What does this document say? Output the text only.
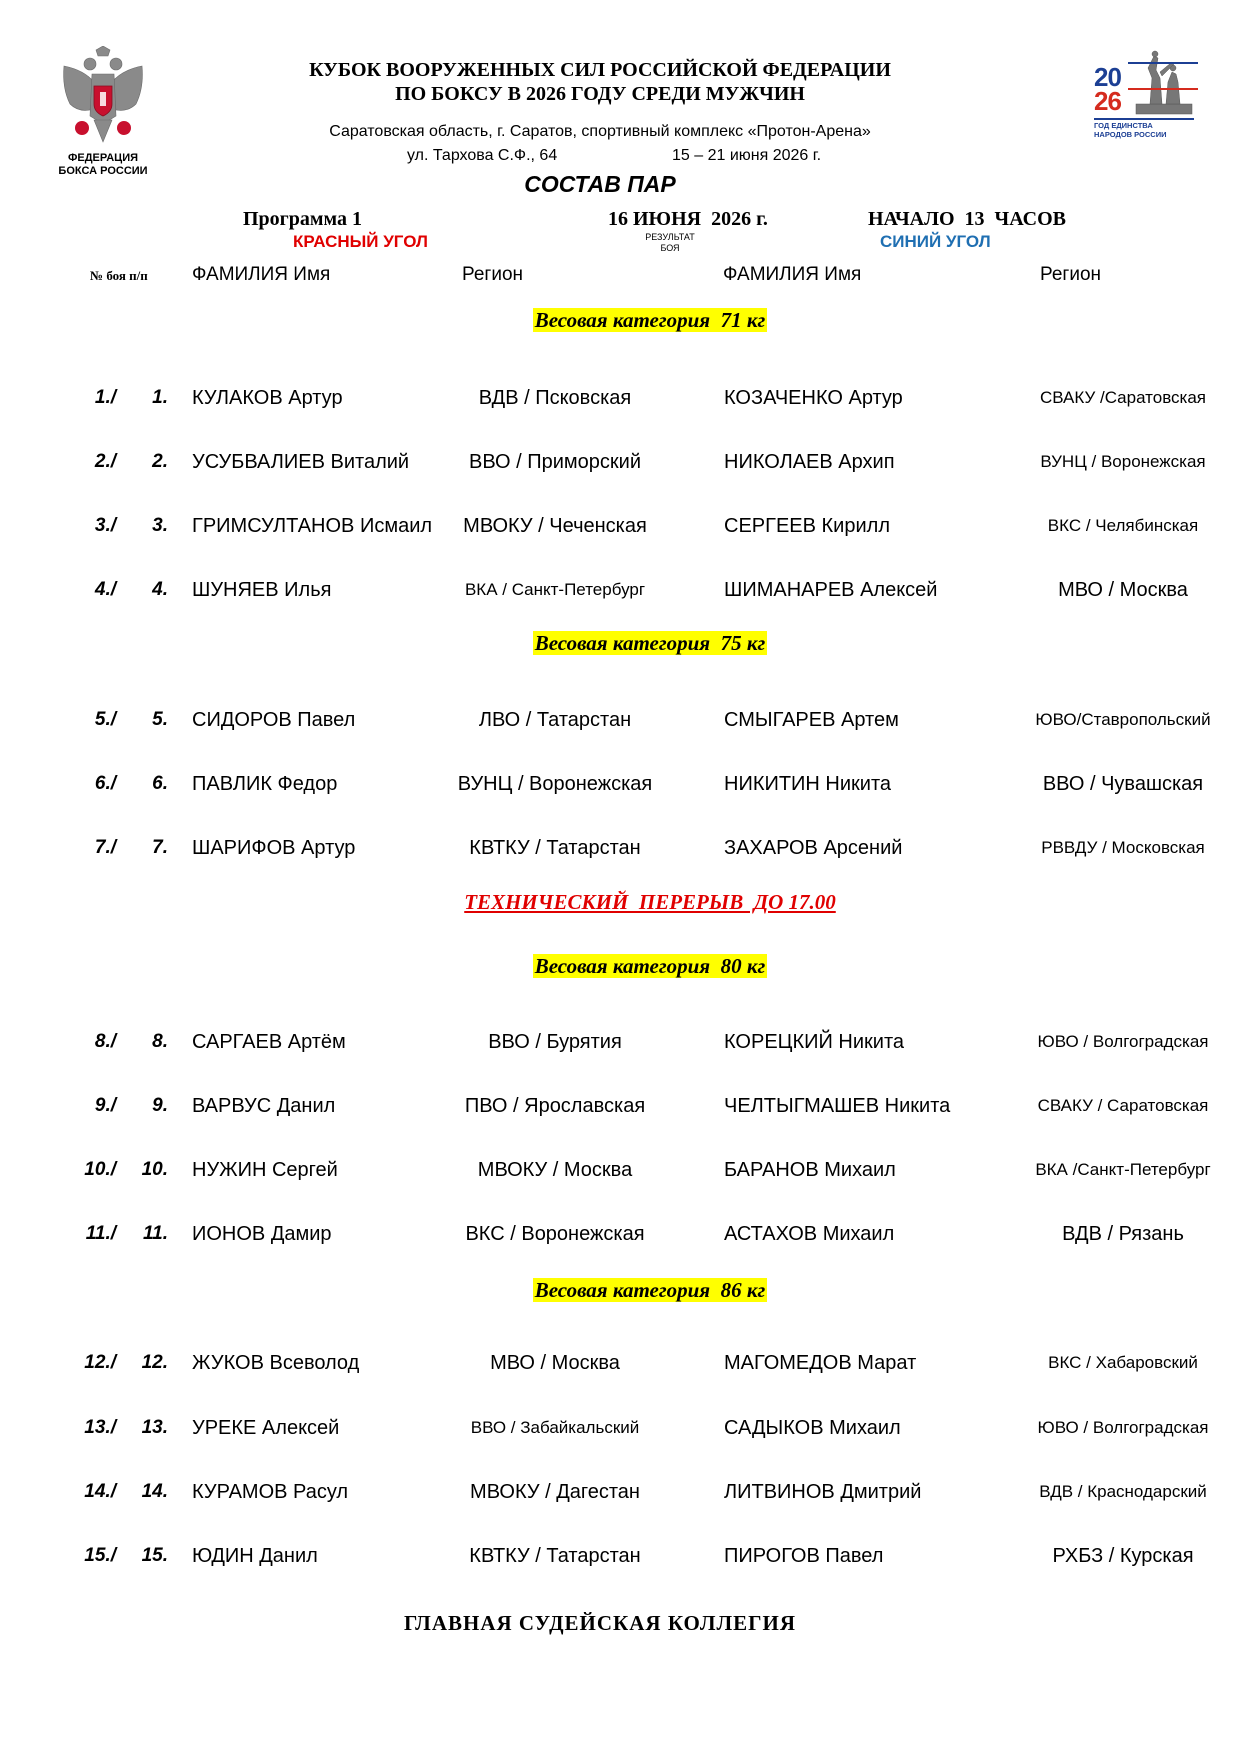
ФЕДЕРАЦИЯ
БОКСА РОССИИ
20
26
ГОД ЕДИНСТВА
НАРОДОВ РОССИИ
КУБОК ВООРУЖЕННЫХ СИЛ РОССИЙСКОЙ ФЕДЕРАЦИИ
ПО БОКСУ В 2026 ГОДУ СРЕДИ МУЖЧИН
Саратовская область, г. Саратов, спортивный комплекс «Протон-Арена»
ул. Тархова С.Ф., 64	15 – 21 июня 2026 г.
СОСТАВ ПАР
Программа 1	16 ИЮНЯ  2026 г.	НАЧАЛО  13  ЧАСОВ
КРАСНЫЙ УГОЛ	СИНИЙ УГОЛ
РЕЗУЛЬТАТ
БОЯ
№ боя п/п ФАМИЛИЯ Имя	Регион	ФАМИЛИЯ Имя	Регион
Весовая категория  71 кг
Весовая категория  75 кг
Весовая категория  80 кг
Весовая категория  86 кг
ТЕХНИЧЕСКИЙ  ПЕРЕРЫВ  ДО 17.00
1./	1. КУЛАКОВ Артур	ВДВ / Псковская	КОЗАЧЕНКО Артур	СВАКУ /Саратовская
2./	2. УСУБВАЛИЕВ Виталий	ВВО / Приморский	НИКОЛАЕВ Архип	ВУНЦ / Воронежская
3./	3. ГРИМСУЛТАНОВ Исмаил	МВОКУ / Чеченская	СЕРГЕЕВ Кирилл	ВКС / Челябинская
4./	4. ШУНЯЕВ Илья	ВКА / Санкт-Петербург	ШИМАНАРЕВ Алексей	МВО / Москва
5./	5. СИДОРОВ Павел	ЛВО / Татарстан	СМЫГАРЕВ Артем	ЮВО/Ставропольский
6./	6. ПАВЛИК Федор	ВУНЦ / Воронежская	НИКИТИН Никита	ВВО / Чувашская
7./	7. ШАРИФОВ Артур	КВТКУ / Татарстан	ЗАХАРОВ Арсений	РВВДУ / Московская
8./	8. САРГАЕВ Артём	ВВО / Бурятия	КОРЕЦКИЙ Никита	ЮВО / Волгоградская
9./	9. ВАРВУС Данил	ПВО / Ярославская	ЧЕЛТЫГМАШЕВ Никита	СВАКУ / Саратовская
10./	10. НУЖИН Сергей	МВОКУ / Москва	БАРАНОВ Михаил	ВКА /Санкт-Петербург
11./	11. ИОНОВ Дамир	ВКС / Воронежская	АСТАХОВ Михаил	ВДВ / Рязань
12./	12. ЖУКОВ Всеволод	МВО / Москва	МАГОМЕДОВ Марат	ВКС / Хабаровский
13./	13. УРЕКЕ Алексей	ВВО / Забайкальский	САДЫКОВ Михаил	ЮВО / Волгоградская
14./	14. КУРАМОВ Расул	МВОКУ / Дагестан	ЛИТВИНОВ Дмитрий	ВДВ / Краснодарский
15./	15. ЮДИН Данил	КВТКУ / Татарстан	ПИРОГОВ Павел	РХБЗ / Курская
ГЛАВНАЯ СУДЕЙСКАЯ КОЛЛЕГИЯ
